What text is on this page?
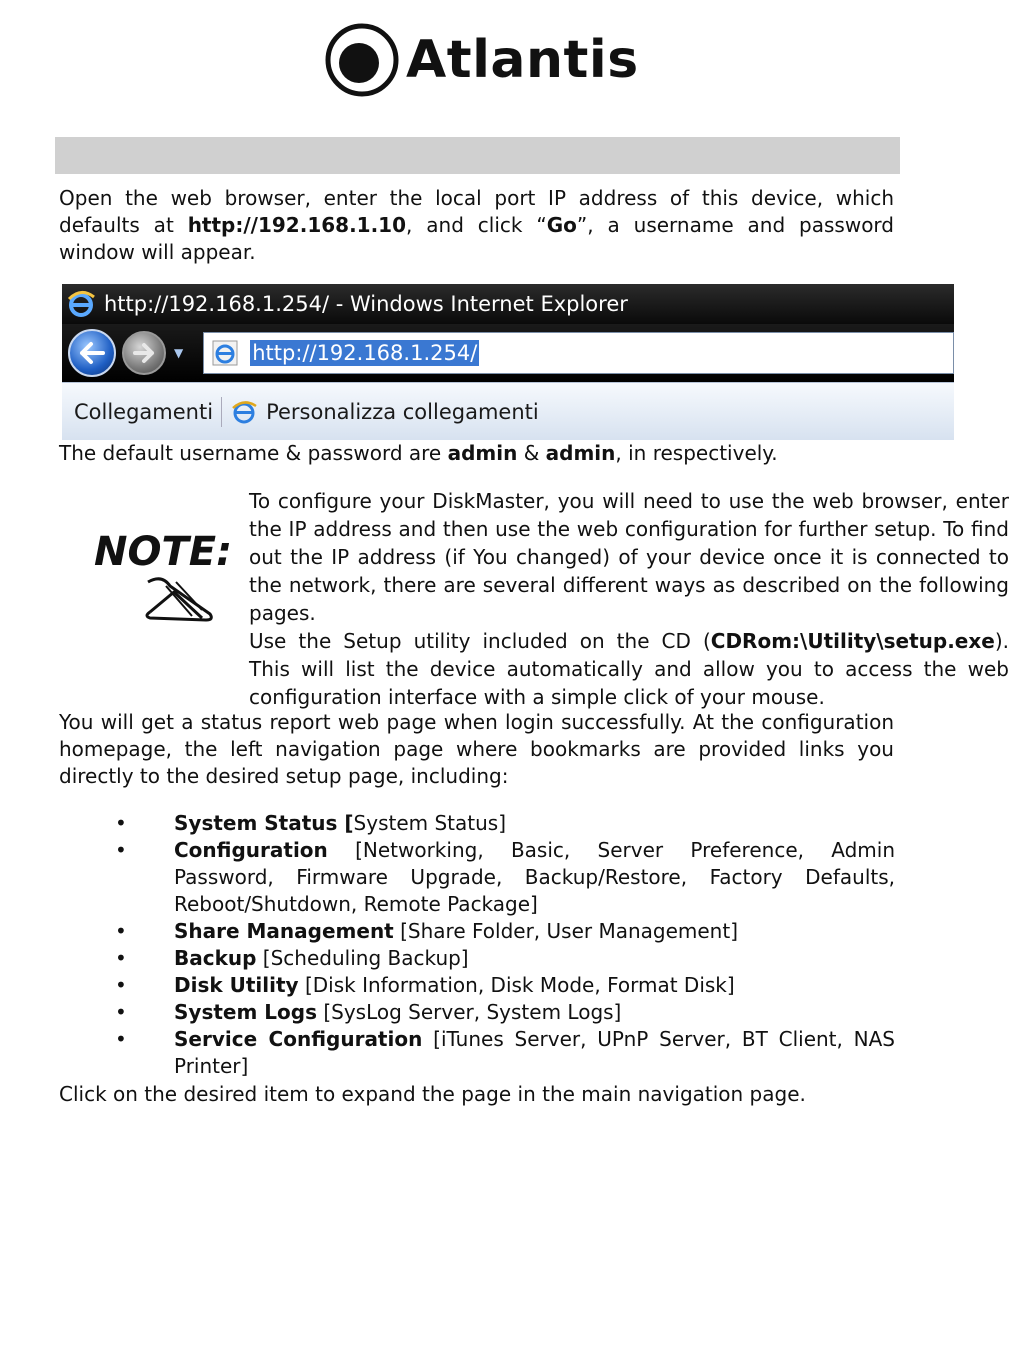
Atlantis

Open the web browser, enter the local port IP address of this device, which defaults at http://192.168.1.10, and click “Go”, a username and password window will appear.

http://192.168.1.254/ - Windows Internet Explorer
▼	http://192.168.1.254/
Collegamenti	Personalizza collegamenti

The default username & password are admin & admin, in respectively.

NOTE:
To configure your DiskMaster, you will need to use the web browser, enter the IP address and then use the web configuration for further setup. To find out the IP address (if You changed) of your device once it is connected to the network, there are several different ways as described on the following pages.
Use the Setup utility included on the CD (CDRom:\Utility\setup.exe). This will list the device automatically and allow you to access the web configuration interface with a simple click of your mouse.

You will get a status report web page when login successfully. At the configuration homepage, the left navigation page where bookmarks are provided links you directly to the desired setup page, including:

• System Status [System Status]
• Configuration [Networking, Basic, Server Preference, Admin Password, Firmware Upgrade, Backup/Restore, Factory Defaults, Reboot/Shutdown, Remote Package]
• Share Management [Share Folder, User Management]
• Backup [Scheduling Backup]
• Disk Utility [Disk Information, Disk Mode, Format Disk]
• System Logs [SysLog Server, System Logs]
• Service Configuration [iTunes Server, UPnP Server, BT Client, NAS Printer]

Click on the desired item to expand the page in the main navigation page.
